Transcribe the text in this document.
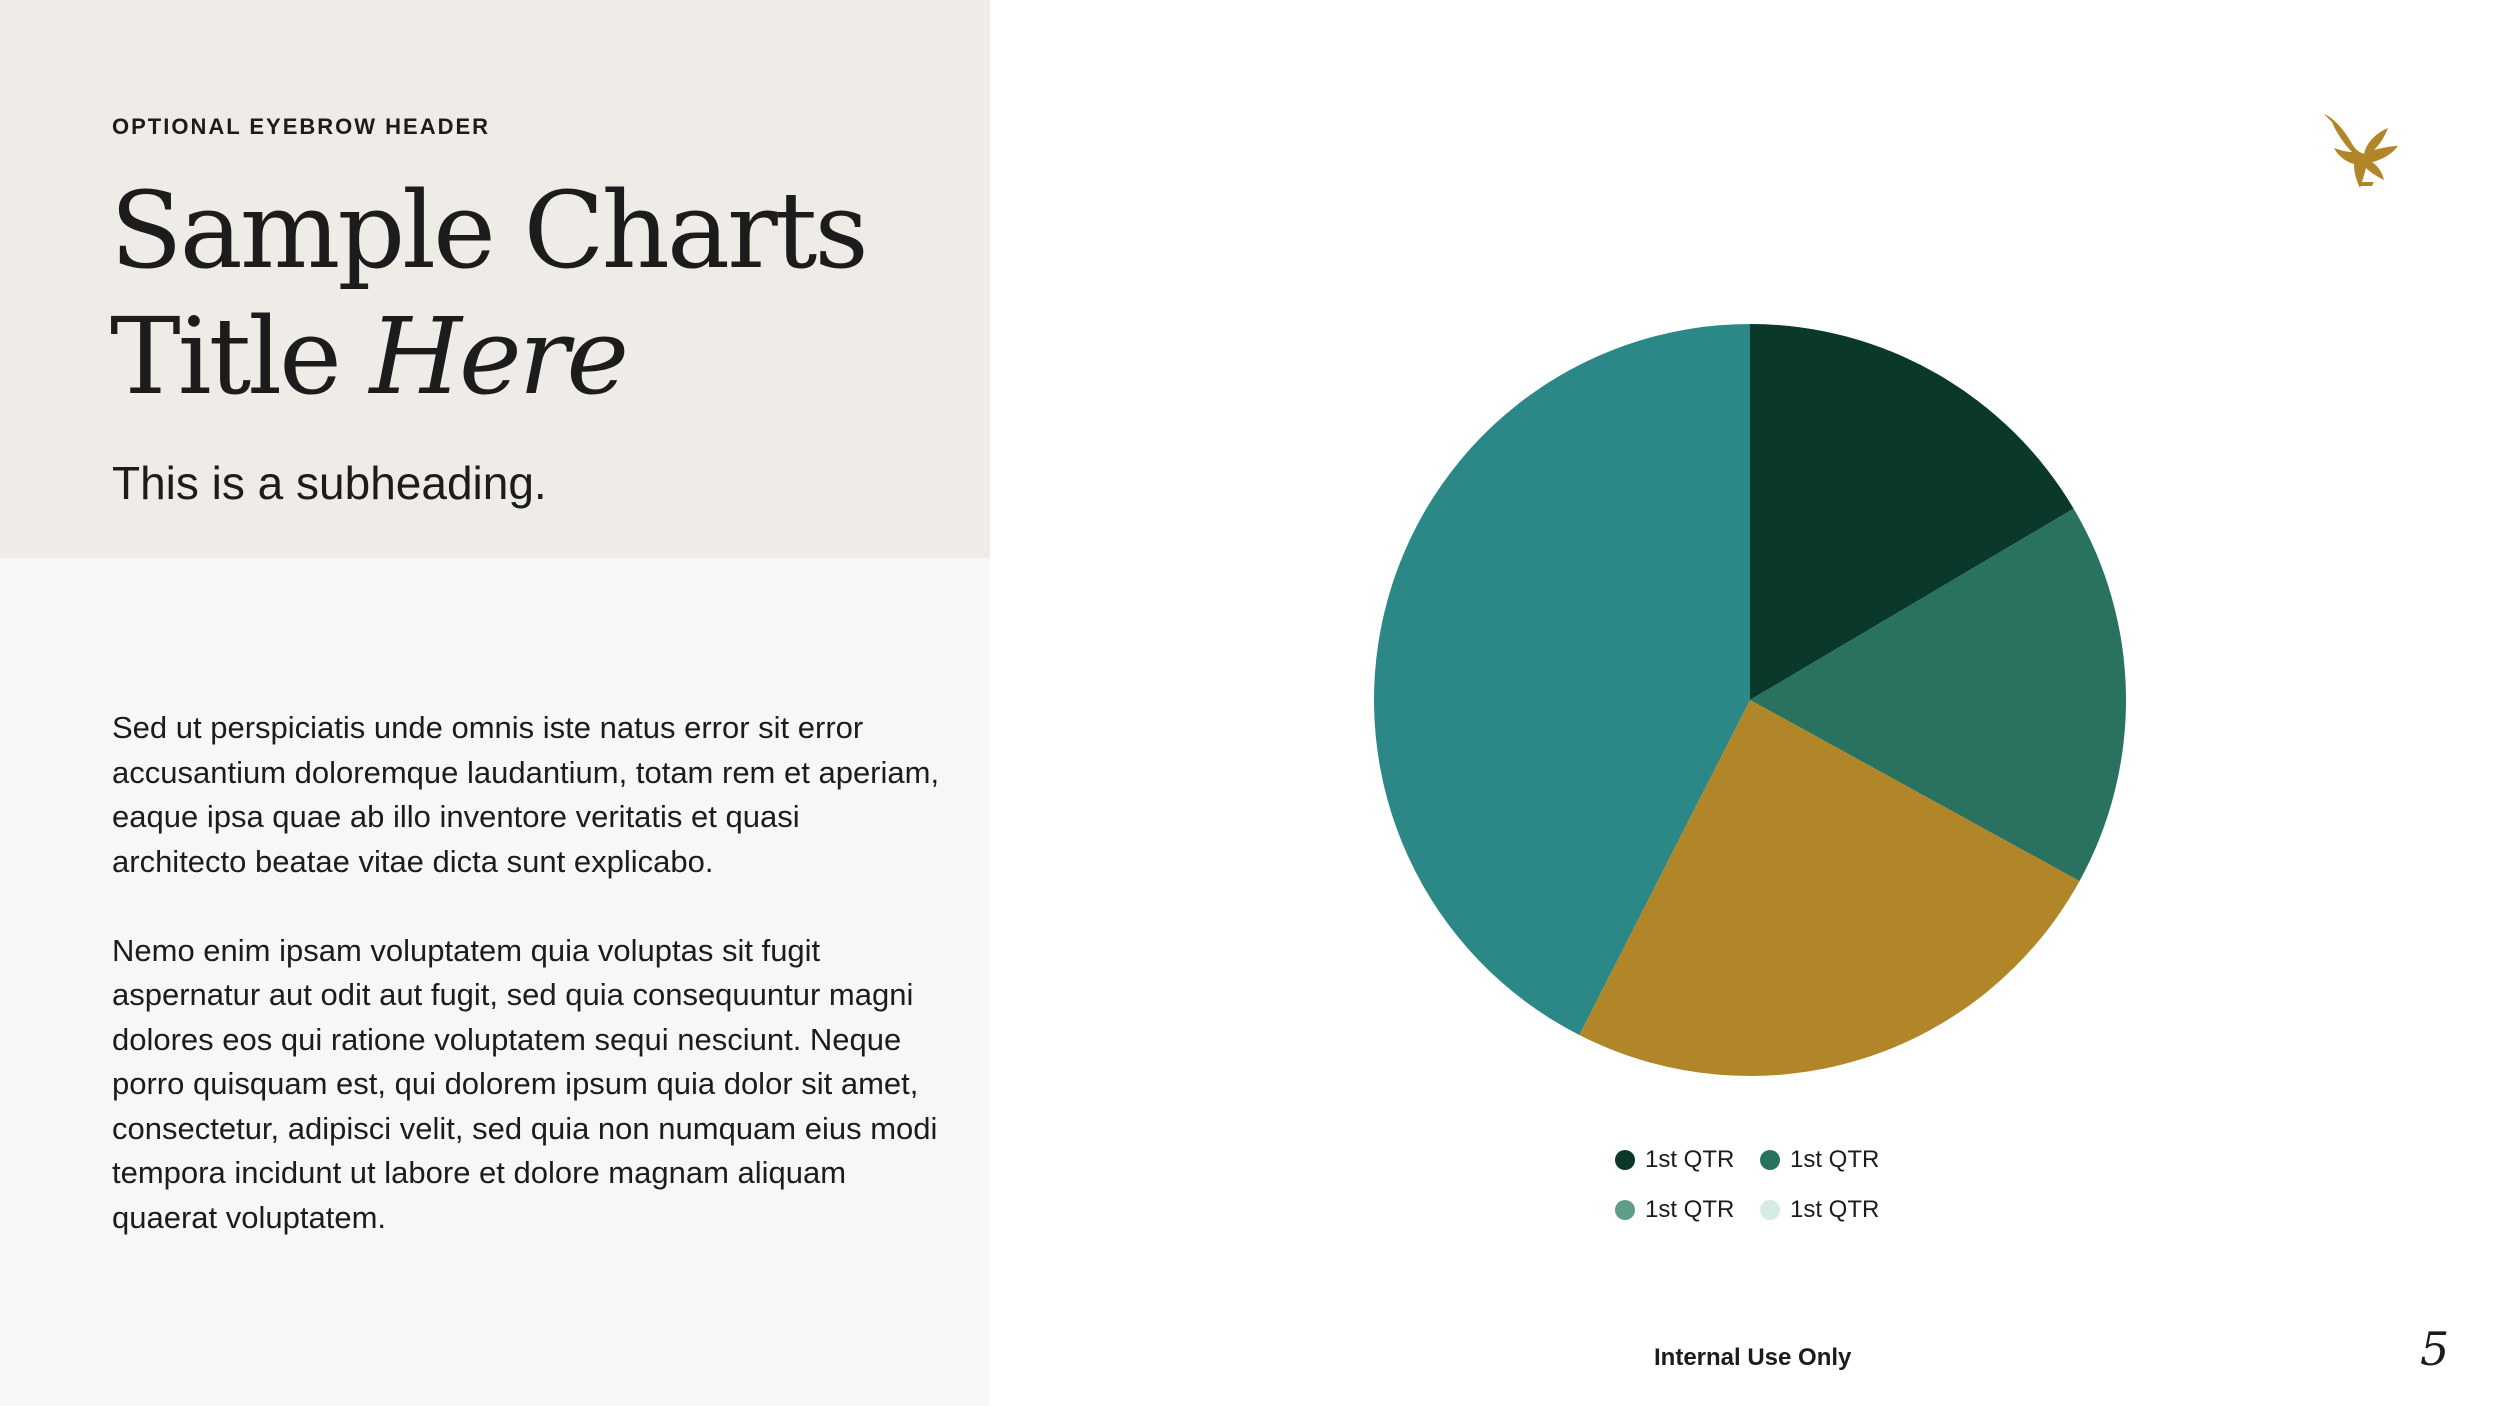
OPTIONAL EYEBROW HEADER
Sample Charts
Title Here
This is a subheading.

Sed ut perspiciatis unde omnis iste natus error sit error accusantium doloremque laudantium, totam rem et aperiam, eaque ipsa quae ab illo inventore veritatis et quasi architecto beatae vitae dicta sunt explicabo.

Nemo enim ipsam voluptatem quia voluptas sit fugit aspernatur aut odit aut fugit, sed quia consequuntur magni dolores eos qui ratione voluptatem sequi nesciunt. Neque porro quisquam est, qui dolorem ipsum quia dolor sit amet, consectetur, adipisci velit, sed quia non numquam eius modi tempora incidunt ut labore et dolore magnam aliquam quaerat voluptatem.

1st QTR 1st QTR
1st QTR 1st QTR
Internal Use Only	5
